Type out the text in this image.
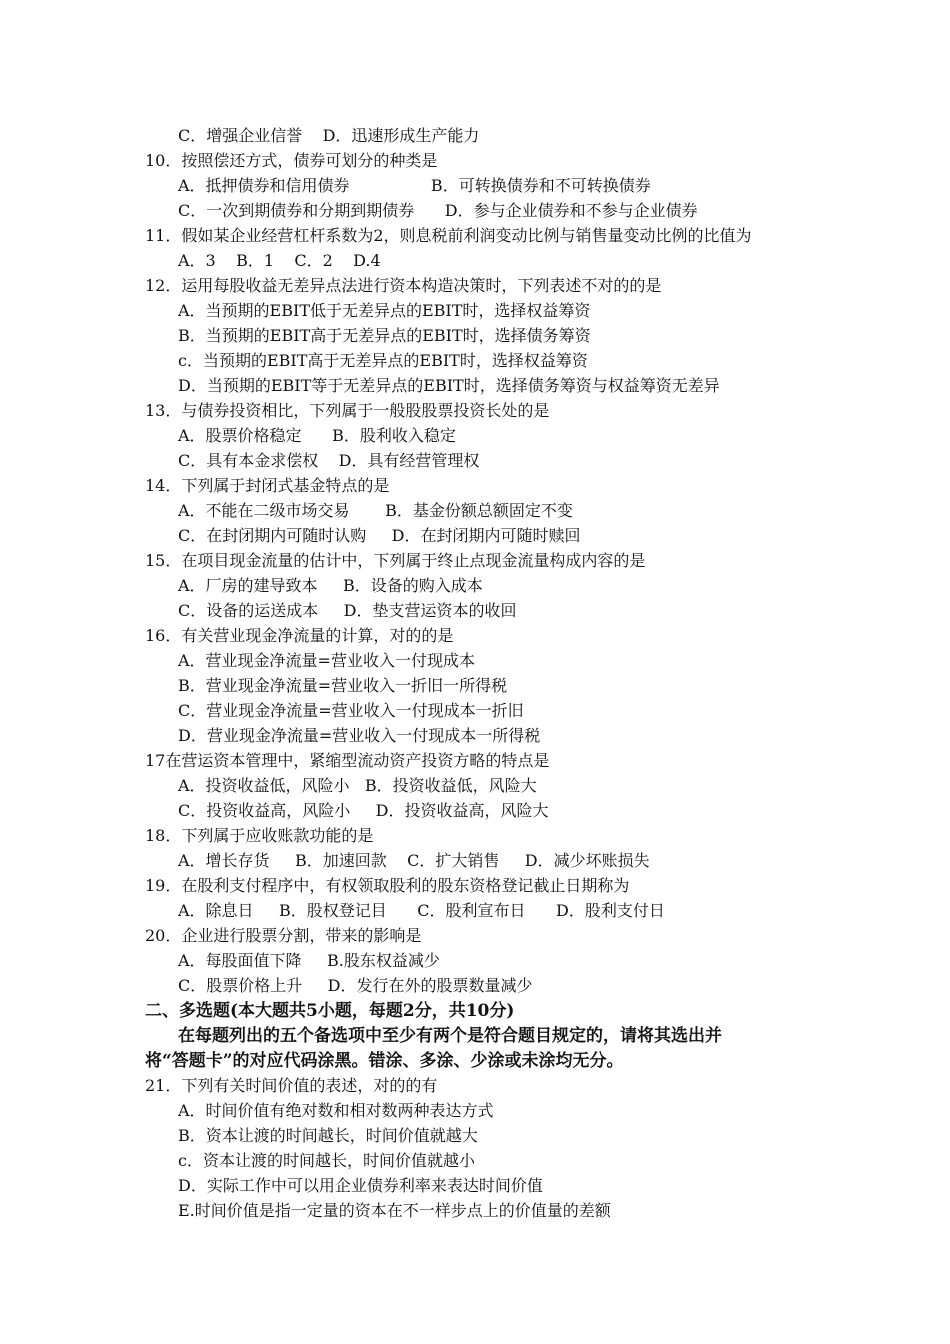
C．增强企业信誉    D．迅速形成生产能力
10．按照偿还方式，债券可划分的种类是
A．抵押债券和信用债券                B．可转换债券和不可转换债券
C．一次到期债券和分期到期债券      D．参与企业债券和不参与企业债券
11．假如某企业经营杠杆系数为2，则息税前利润变动比例与销售量变动比例的比值为
A．3    B．1    C．2    D.4
12．运用每股收益无差异点法进行资本构造决策时，下列表述不对的的是
A．当预期的EBIT低于无差异点的EBIT时，选择权益筹资
B．当预期的EBIT高于无差异点的EBIT时，选择债务筹资
c．当预期的EBIT高于无差异点的EBIT时，选择权益筹资
D．当预期的EBIT等于无差异点的EBIT时，选择债务筹资与权益筹资无差异
13．与债券投资相比，下列属于一般股股票投资长处的是
A．股票价格稳定      B．股利收入稳定
C．具有本金求偿权    D．具有经营管理权
14．下列属于封闭式基金特点的是
A．不能在二级市场交易       B．基金份额总额固定不变
C．在封闭期内可随时认购     D．在封闭期内可随时赎回
15．在项目现金流量的估计中，下列属于终止点现金流量构成内容的是
A．厂房的建导致本     B．设备的购入成本
C．设备的运送成本     D．垫支营运资本的收回
16．有关营业现金净流量的计算，对的的是
A．营业现金净流量=营业收入一付现成本
B．营业现金净流量=营业收入一折旧一所得税
C．营业现金净流量=营业收入一付现成本一折旧
D．营业现金净流量=营业收入一付现成本一所得税
17在营运资本管理中，紧缩型流动资产投资方略的特点是
A．投资收益低，风险小   B．投资收益低，风险大
C．投资收益高，风险小     D．投资收益高，风险大
18．下列属于应收账款功能的是
A．增长存货     B．加速回款    C．扩大销售     D．减少坏账损失
19．在股利支付程序中，有权领取股利的股东资格登记截止日期称为
A．除息日     B．股权登记目      C．股利宣布日      D．股利支付日
20．企业进行股票分割，带来的影响是
A．每股面值下降     B.股东权益减少
C．股票价格上升     D．发行在外的股票数量减少
二、多选题(本大题共5小题，每题2分，共10分)
在每题列出的五个备选项中至少有两个是符合题目规定的，请将其选出并
将“答题卡”的对应代码涂黑。错涂、多涂、少涂或未涂均无分。
21．下列有关时间价值的表述，对的的有
A．时间价值有绝对数和相对数两种表达方式
B．资本让渡的时间越长，时间价值就越大
c．资本让渡的时间越长，时间价值就越小
D．实际工作中可以用企业债券利率来表达时间价值
E.时间价值是指一定量的资本在不一样步点上的价值量的差额
